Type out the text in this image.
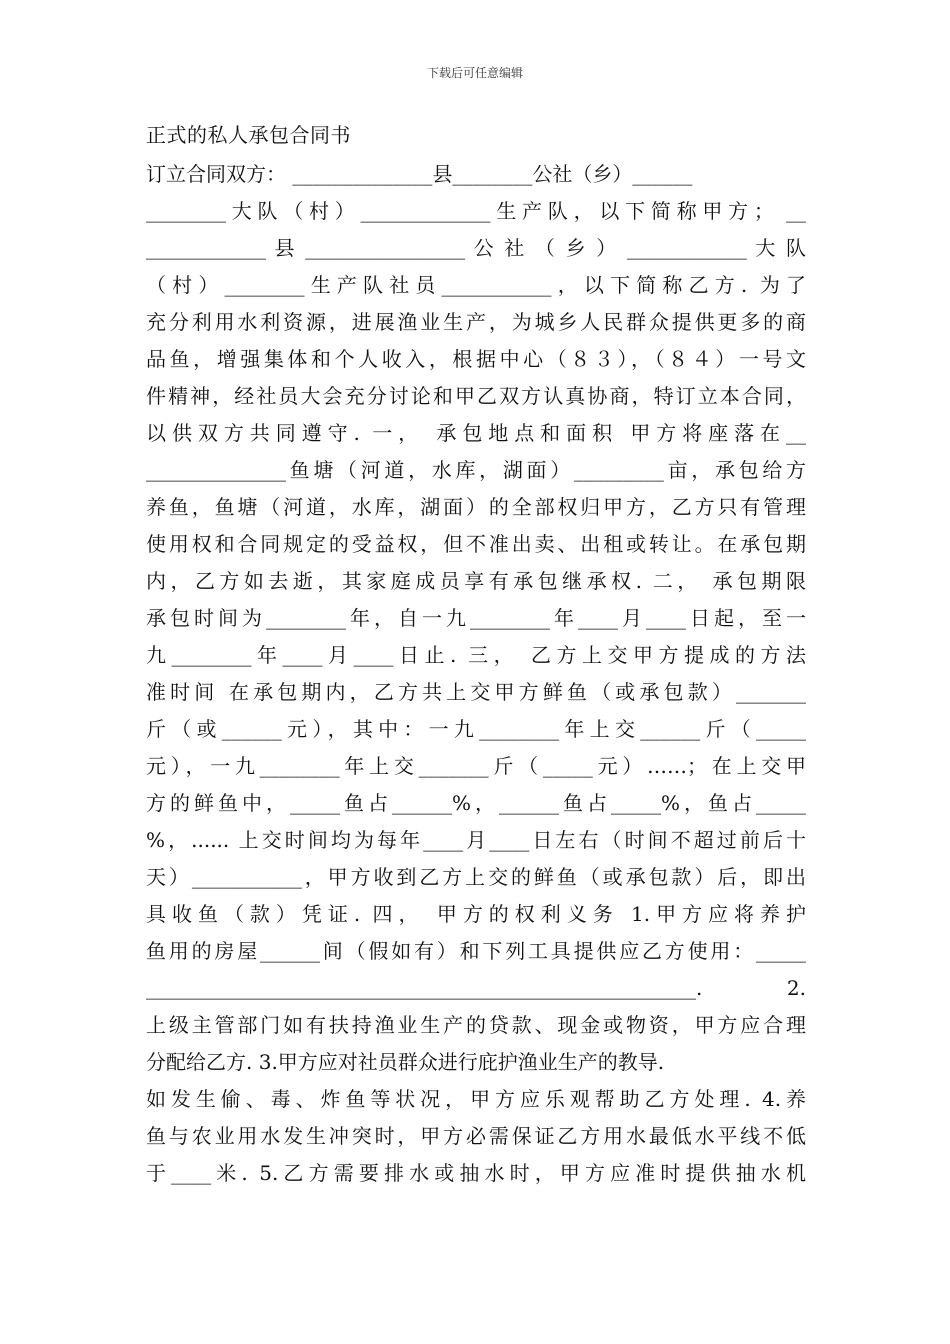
下载后可任意编辑
正式的私人承包合同书
订立合同双方： ______________县________公社（乡）______
________大队（村）_____________生产队，以下简称甲方； __
____________ 县 ________________ 公 社 （ 乡 ） ____________ 大 队
（村）________生产队社员___________，以下简称乙方. 为了
充分利用水利资源，进展渔业生产，为城乡人民群众提供更多的商
品鱼，增强集体和个人收入，根据中心（８３），（８４）一号文
件精神，经社员大会充分讨论和甲乙双方认真协商，特订立本合同，
以供双方共同遵守. 一， 承包地点和面积 甲方将座落在__
______________鱼塘（河道，水库，湖面）_________亩，承包给方
养鱼，鱼塘（河道，水库，湖面）的全部权归甲方，乙方只有管理
使用权和合同规定的受益权，但不准出卖、出租或转让。在承包期
内，乙方如去逝，其家庭成员享有承包继承权. 二， 承包期限
承包时间为________年，自一九________年____月____日起，至一
九________年____月____日止. 三， 乙方上交甲方提成的方法
准时间 在承包期内，乙方共上交甲方鲜鱼（或承包款）_______
斤（或______元），其中：一九________年上交______斤（_____
元），一九________年上交_______斤（_____元）……；在上交甲
方的鲜鱼中，_____鱼占______%，______鱼占_____%，鱼占_____
%，...... 上交时间均为每年____月____日左右（时间不超过前后十
天）___________，甲方收到乙方上交的鲜鱼（或承包款）后，即出
具收鱼（款）凭证. 四， 甲方的权利义务 1.甲方应将养护
鱼用的房屋______间（假如有）和下列工具提供应乙方使用：_____
_______________________________________________________. 2.
上级主管部门如有扶持渔业生产的贷款、现金或物资，甲方应合理
分配给乙方. 3.甲方应对社员群众进行庇护渔业生产的教导.
如发生偷、毒、炸鱼等状况，甲方应乐观帮助乙方处理. 4.养
鱼与农业用水发生冲突时，甲方必需保证乙方用水最低水平线不低
于____米. 5.乙方需要排水或抽水时，甲方应准时提供抽水机
